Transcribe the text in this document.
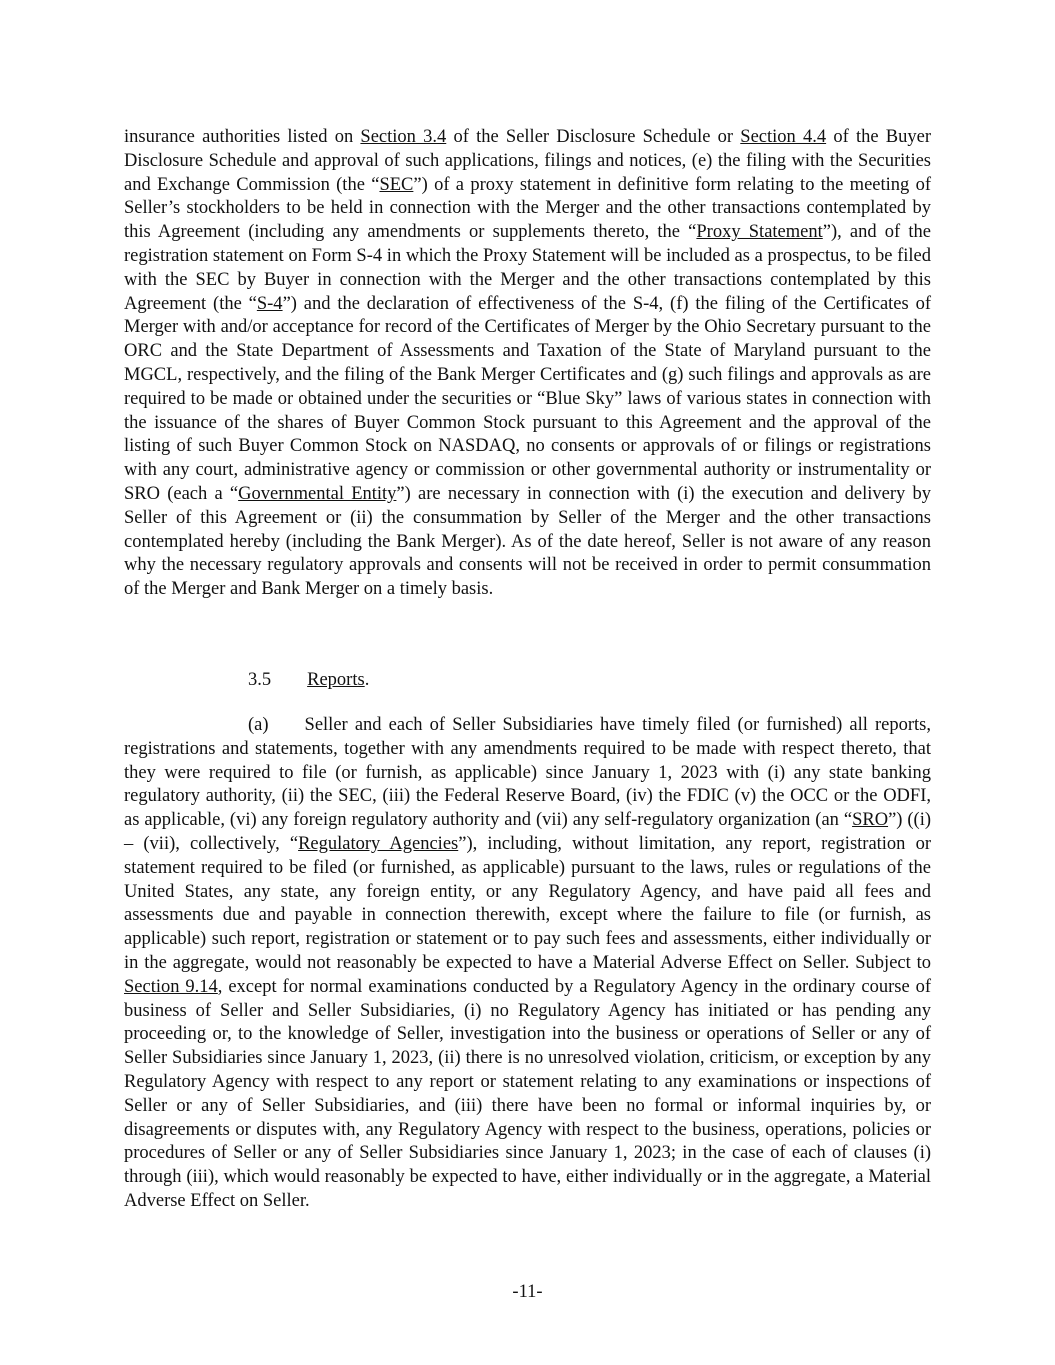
insurance authorities listed on Section 3.4 of the Seller Disclosure Schedule or Section 4.4 of the Buyer Disclosure Schedule and approval of such applications, filings and notices, (e) the filing with the Securities and Exchange Commission (the “SEC”) of a proxy statement in definitive form relating to the meeting of Seller’s stockholders to be held in connection with the Merger and the other transactions contemplated by this Agreement (including any amendments or supplements thereto, the “Proxy Statement”), and of the registration statement on Form S-4 in which the Proxy Statement will be included as a prospectus, to be filed with the SEC by Buyer in connection with the Merger and the other transactions contemplated by this Agreement (the “S-4”) and the declaration of effectiveness of the S-4, (f) the filing of the Certificates of Merger with and/or acceptance for record of the Certificates of Merger by the Ohio Secretary pursuant to the ORC and the State Department of Assessments and Taxation of the State of Maryland pursuant to the MGCL, respectively, and the filing of the Bank Merger Certificates and (g) such filings and approvals as are required to be made or obtained under the securities or “Blue Sky” laws of various states in connection with the issuance of the shares of Buyer Common Stock pursuant to this Agreement and the approval of the listing of such Buyer Common Stock on NASDAQ, no consents or approvals of or filings or registrations with any court, administrative agency or commission or other governmental authority or instrumentality or SRO (each a “Governmental Entity”) are necessary in connection with (i) the execution and delivery by Seller of this Agreement or (ii) the consummation by Seller of the Merger and the other transactions contemplated hereby (including the Bank Merger). As of the date hereof, Seller is not aware of any reason why the necessary regulatory approvals and consents will not be received in order to permit consummation of the Merger and Bank Merger on a timely basis.

3.5 Reports.

(a) Seller and each of Seller Subsidiaries have timely filed (or furnished) all reports, registrations and statements, together with any amendments required to be made with respect thereto, that they were required to file (or furnish, as applicable) since January 1, 2023 with (i) any state banking regulatory authority, (ii) the SEC, (iii) the Federal Reserve Board, (iv) the FDIC (v) the OCC or the ODFI, as applicable, (vi) any foreign regulatory authority and (vii) any self-regulatory organization (an “SRO”) ((i) – (vii), collectively, “Regulatory Agencies”), including, without limitation, any report, registration or statement required to be filed (or furnished, as applicable) pursuant to the laws, rules or regulations of the United States, any state, any foreign entity, or any Regulatory Agency, and have paid all fees and assessments due and payable in connection therewith, except where the failure to file (or furnish, as applicable) such report, registration or statement or to pay such fees and assessments, either individually or in the aggregate, would not reasonably be expected to have a Material Adverse Effect on Seller. Subject to Section 9.14, except for normal examinations conducted by a Regulatory Agency in the ordinary course of business of Seller and Seller Subsidiaries, (i) no Regulatory Agency has initiated or has pending any proceeding or, to the knowledge of Seller, investigation into the business or operations of Seller or any of Seller Subsidiaries since January 1, 2023, (ii) there is no unresolved violation, criticism, or exception by any Regulatory Agency with respect to any report or statement relating to any examinations or inspections of Seller or any of Seller Subsidiaries, and (iii) there have been no formal or informal inquiries by, or disagreements or disputes with, any Regulatory Agency with respect to the business, operations, policies or procedures of Seller or any of Seller Subsidiaries since January 1, 2023; in the case of each of clauses (i) through (iii), which would reasonably be expected to have, either individually or in the aggregate, a Material Adverse Effect on Seller.

-11-
